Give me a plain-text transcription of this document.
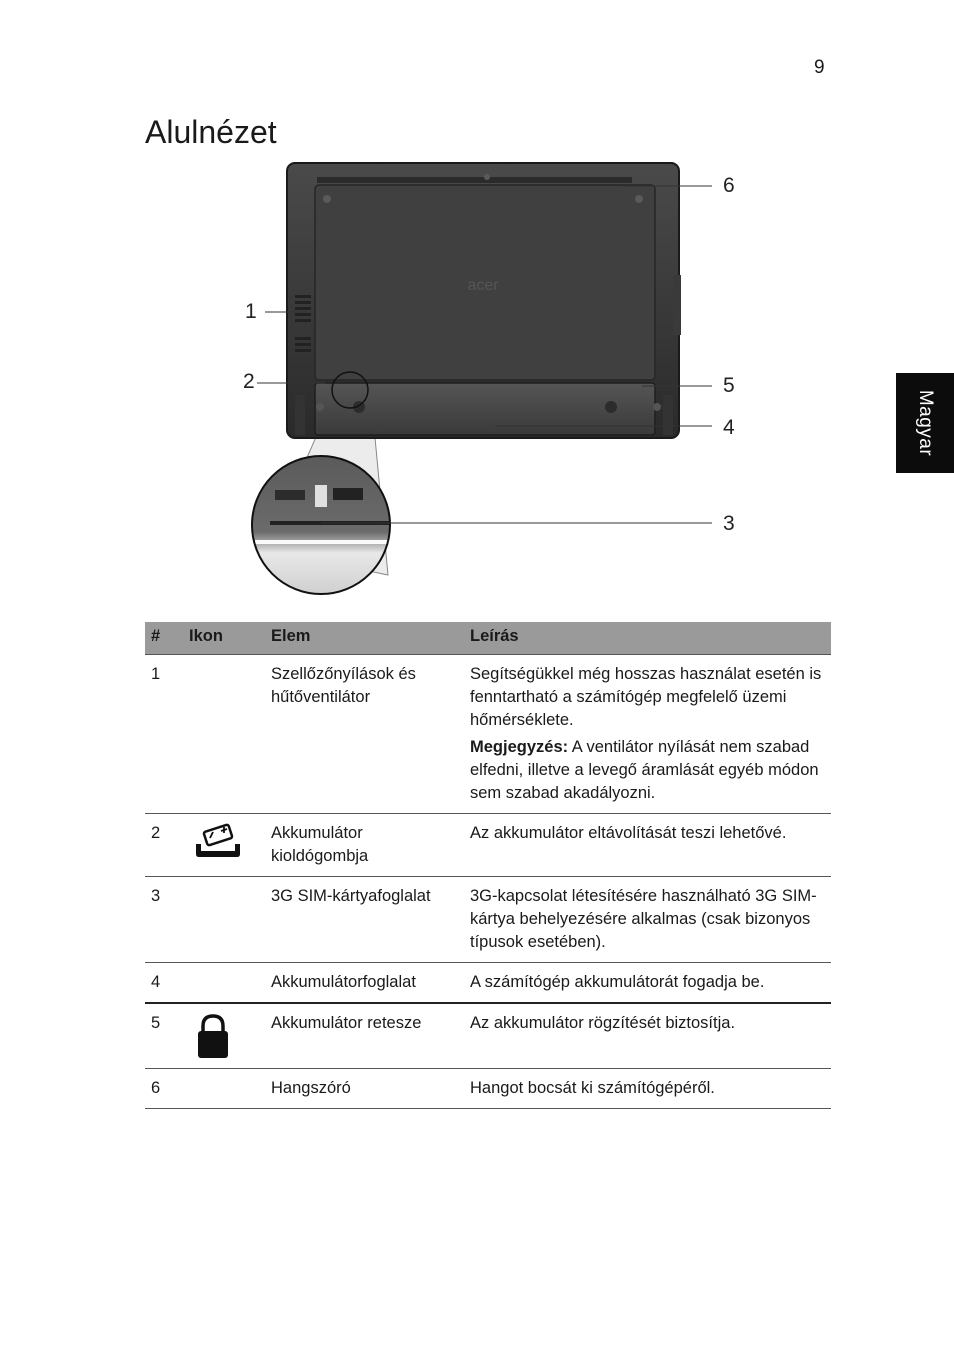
9
Alulnézet
Magyar
acer
6
1
2	5
4
3
#	Ikon	Elem	Leírás
1		Szellőzőnyílások és hűtőventilátor	Segítségükkel még hosszas használat esetén is fenntartható a számítógép megfelelő üzemi hőmérséklete.
Megjegyzés: A ventilátor nyílását nem szabad elfedni, illetve a levegő áramlását egyéb módon sem szabad akadályozni.

2		Akkumulátor kioldógombja	Az akkumulátor eltávolítását teszi lehetővé.
3		3G SIM-kártyafoglalat	3G-kapcsolat létesítésére használható 3G SIM-kártya behelyezésére alkalmas (csak bizonyos típusok esetében).
4		Akkumulátorfoglalat	A számítógép akkumulátorát fogadja be.
5		Akkumulátor retesze	Az akkumulátor rögzítését biztosítja.
6		Hangszóró	Hangot bocsát ki számítógépéről.
